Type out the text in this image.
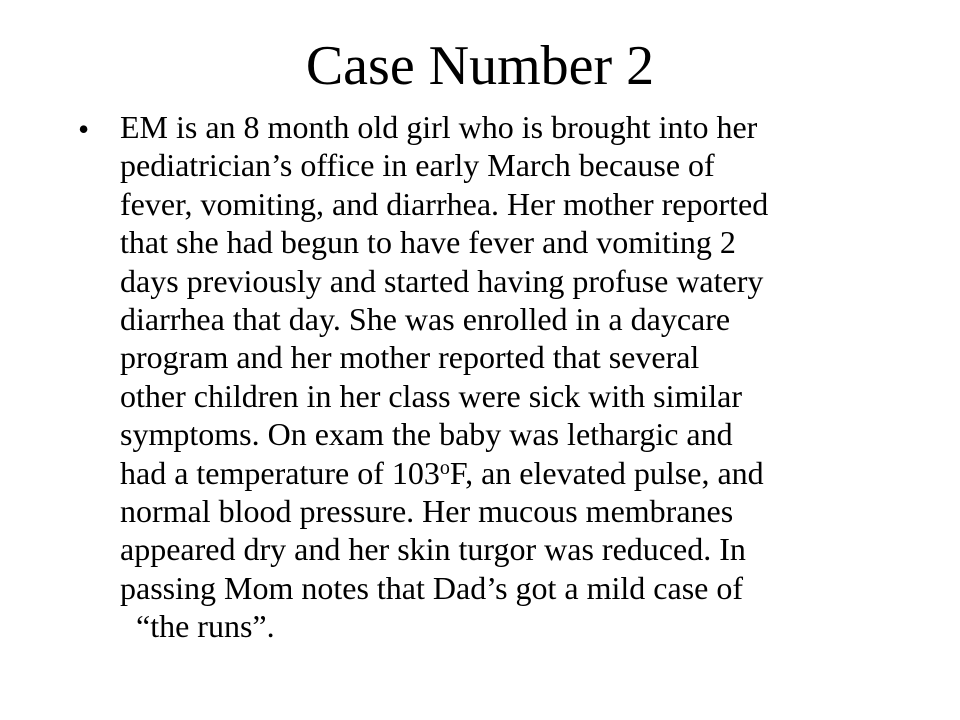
Case Number 2
• EM is an 8 month old girl who is brought into her
pediatrician’s office in early March because of
fever, vomiting, and diarrhea. Her mother reported
that she had begun to have fever and vomiting 2
days previously and started having profuse watery
diarrhea that day. She was enrolled in a daycare
program and her mother reported that several
other children in her class were sick with similar
symptoms. On exam the baby was lethargic and
had a temperature of 103$^o$F, an elevated pulse, and
normal blood pressure. Her mucous membranes
appeared dry and her skin turgor was reduced. In
passing Mom notes that Dad’s got a mild case of
“the runs”.
